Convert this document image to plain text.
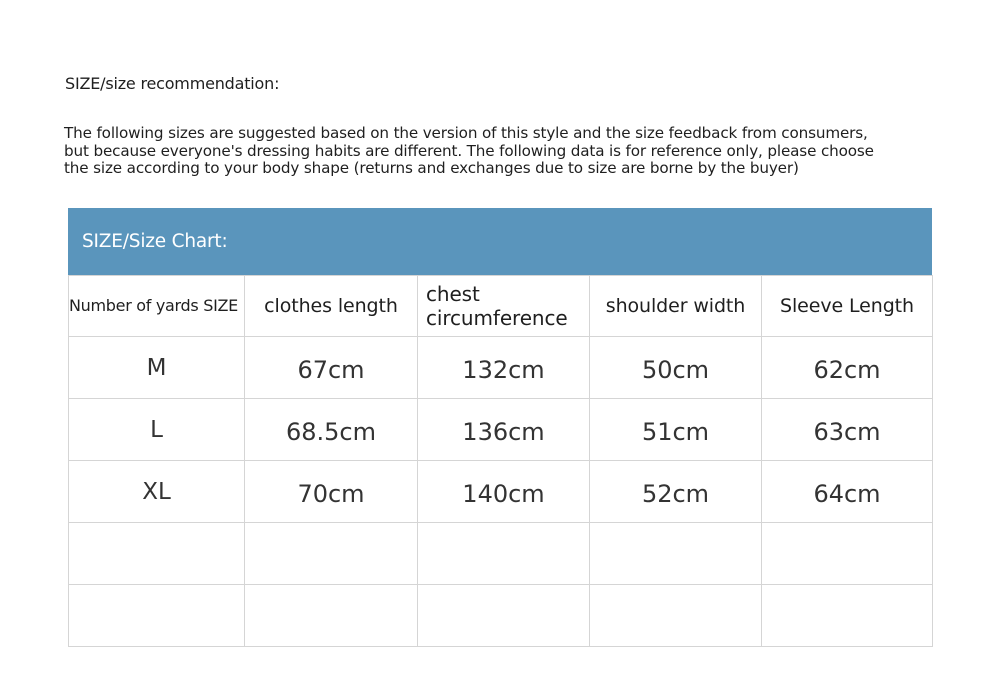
SIZE/size recommendation:
The following sizes are suggested based on the version of this style and the size feedback from consumers,
but because everyone's dressing habits are different. The following data is for reference only, please choose
the size according to your body shape (returns and exchanges due to size are borne by the buyer)
SIZE/Size Chart:
Number of yards SIZE	clothes length	chest circumference	shoulder width	Sleeve Length

M	67cm	132cm	50cm	62cm
L	68.5cm	136cm	51cm	63cm
XL	70cm	140cm	52cm	64cm
